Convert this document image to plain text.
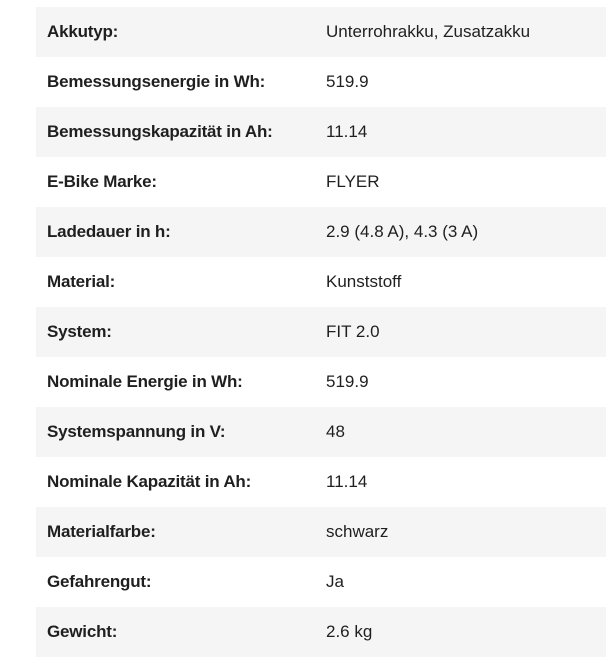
Akkutyp:	Unterrohrakku, Zusatzakku
Bemessungsenergie in Wh:	519.9
Bemessungskapazität in Ah:	11.14
E-Bike Marke:	FLYER
Ladedauer in h:	2.9 (4.8 A), 4.3 (3 A)
Material:	Kunststoff
System:	FIT 2.0
Nominale Energie in Wh:	519.9
Systemspannung in V:	48
Nominale Kapazität in Ah:	11.14
Materialfarbe:	schwarz
Gefahrengut:	Ja
Gewicht:	2.6 kg
